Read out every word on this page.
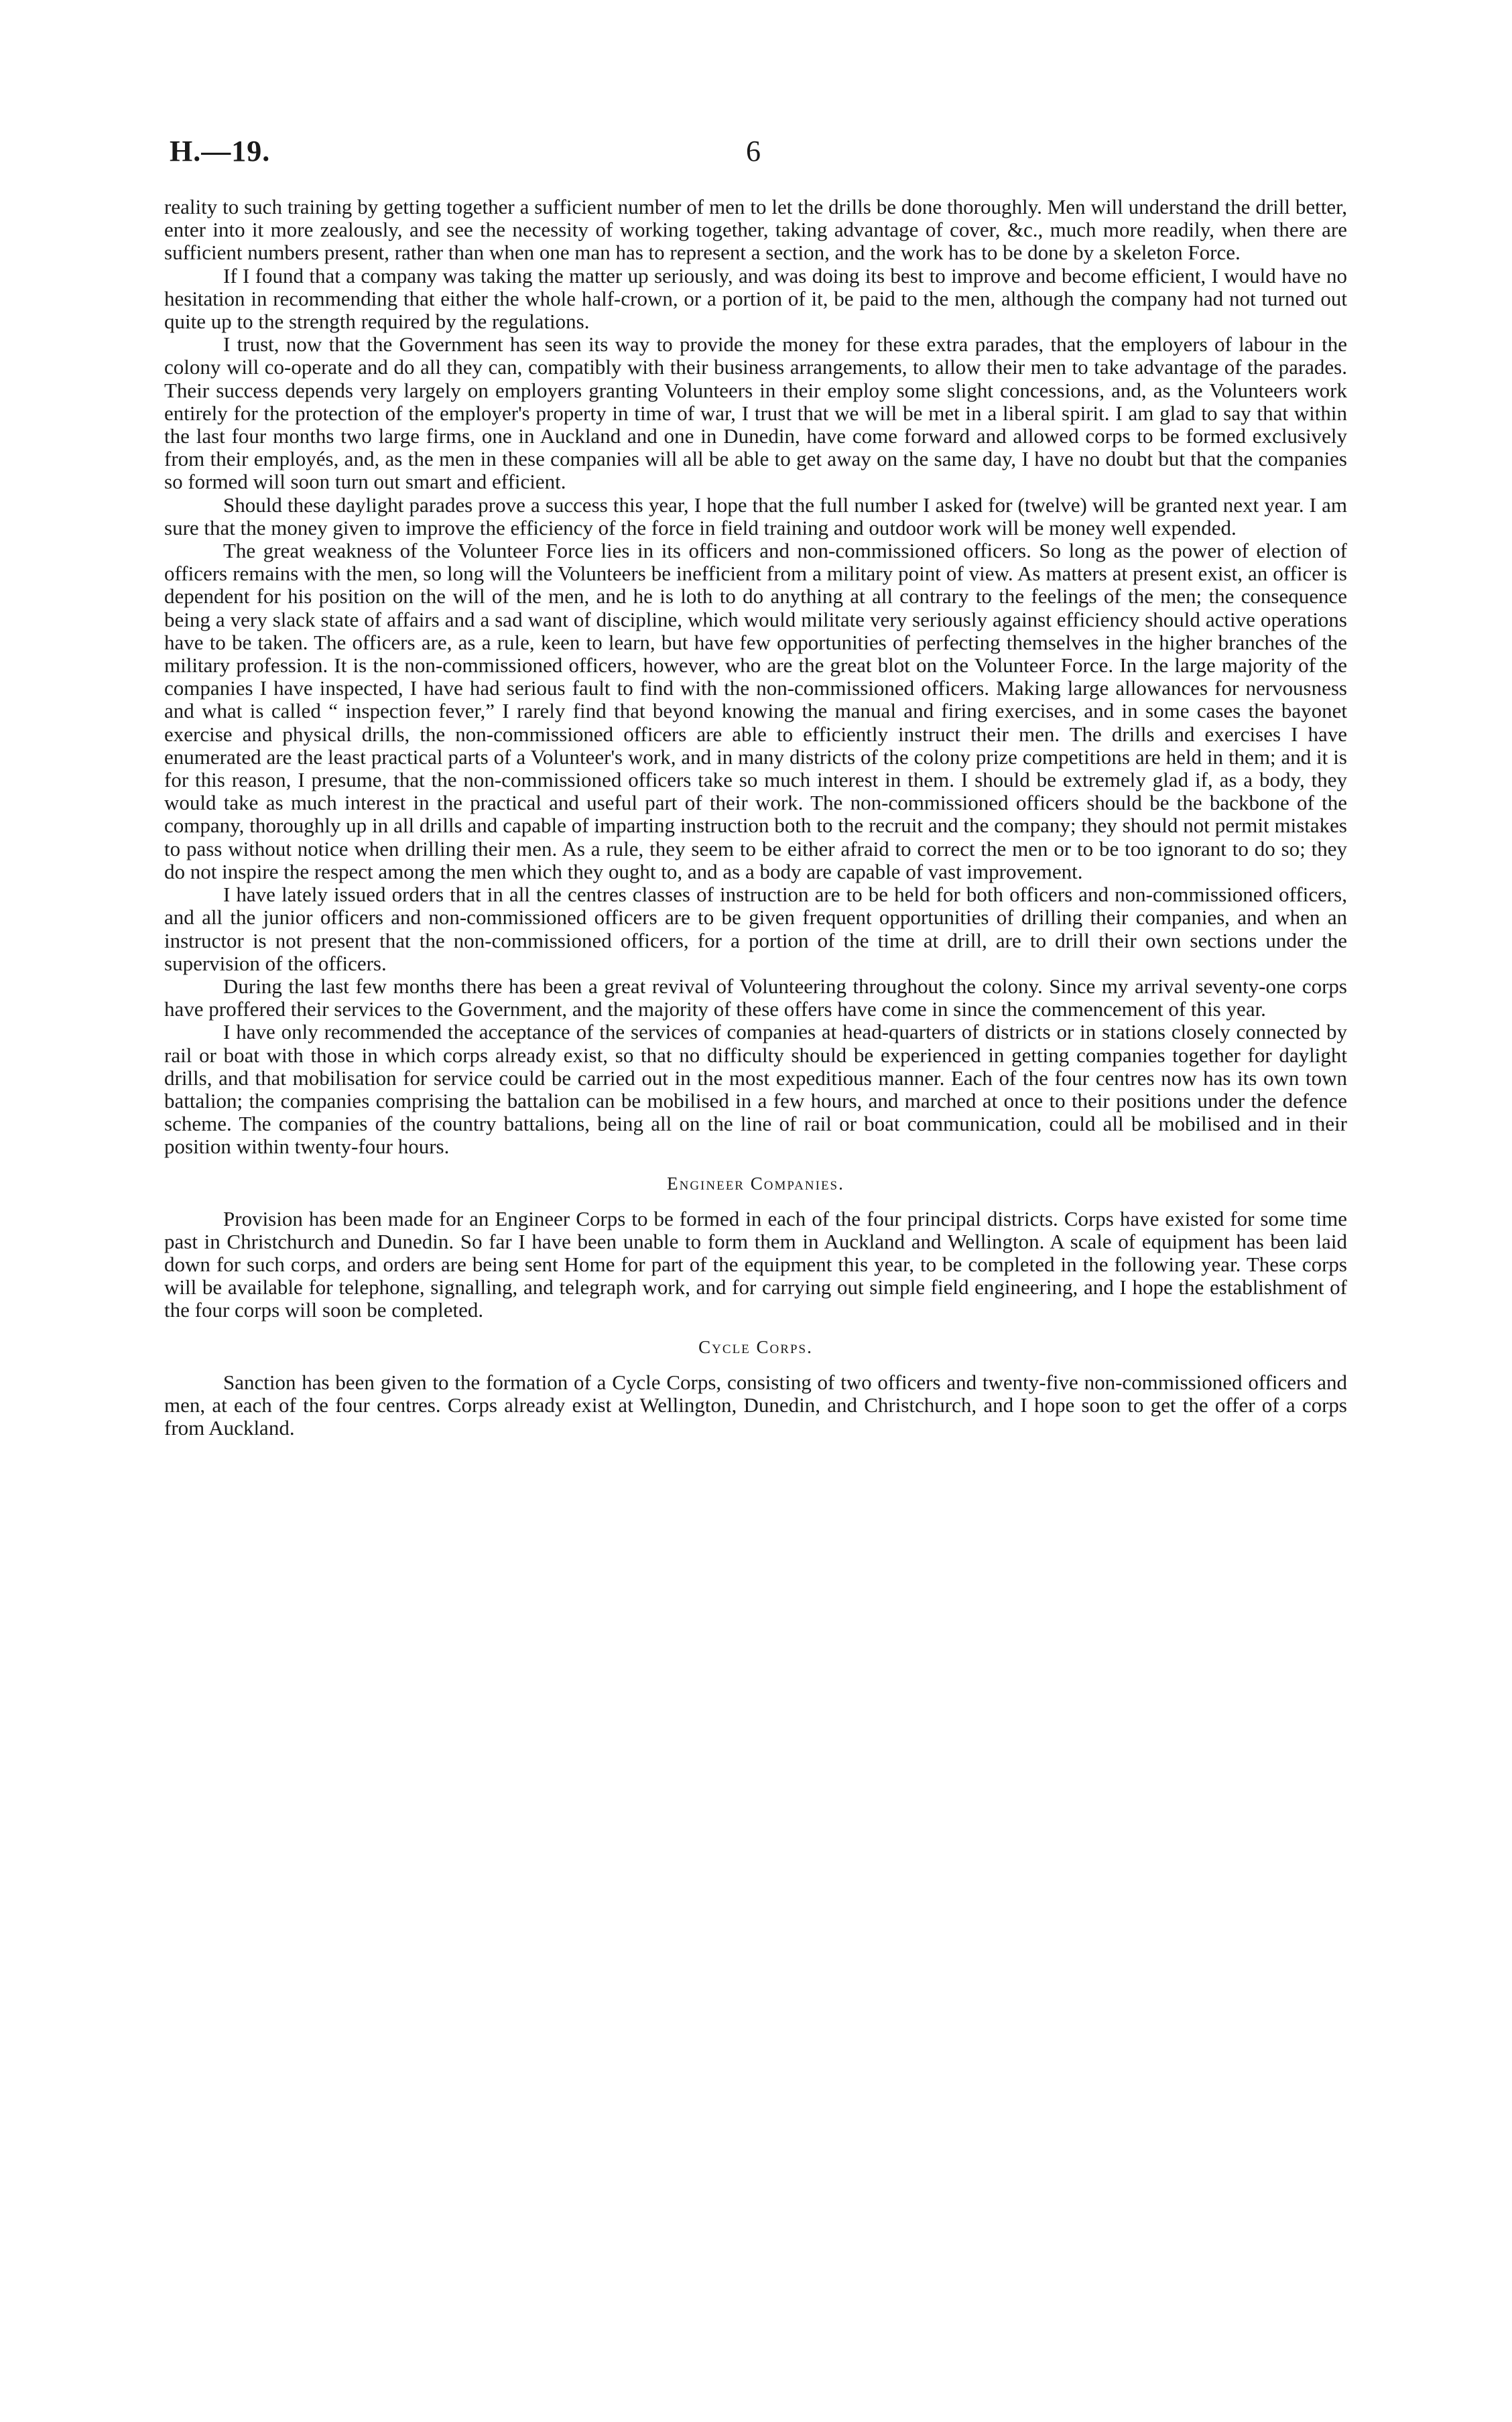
H.—19.	6

reality to such training by getting together a sufficient number of men to let the drills be done thoroughly. Men will understand the drill better, enter into it more zealously, and see the necessity of working together, taking advantage of cover, &c., much more readily, when there are sufficient numbers present, rather than when one man has to represent a section, and the work has to be done by a skeleton Force.

If I found that a company was taking the matter up seriously, and was doing its best to improve and become efficient, I would have no hesitation in recommending that either the whole half-crown, or a portion of it, be paid to the men, although the company had not turned out quite up to the strength required by the regulations.

I trust, now that the Government has seen its way to provide the money for these extra parades, that the employers of labour in the colony will co-operate and do all they can, compatibly with their business arrangements, to allow their men to take advantage of the parades. Their success depends very largely on employers granting Volunteers in their employ some slight concessions, and, as the Volunteers work entirely for the protection of the employer's property in time of war, I trust that we will be met in a liberal spirit. I am glad to say that within the last four months two large firms, one in Auckland and one in Dunedin, have come forward and allowed corps to be formed exclusively from their employés, and, as the men in these companies will all be able to get away on the same day, I have no doubt but that the companies so formed will soon turn out smart and efficient.

Should these daylight parades prove a success this year, I hope that the full number I asked for (twelve) will be granted next year. I am sure that the money given to improve the efficiency of the force in field training and outdoor work will be money well expended.

The great weakness of the Volunteer Force lies in its officers and non-commissioned officers. So long as the power of election of officers remains with the men, so long will the Volunteers be inefficient from a military point of view. As matters at present exist, an officer is dependent for his position on the will of the men, and he is loth to do anything at all contrary to the feelings of the men; the consequence being a very slack state of affairs and a sad want of discipline, which would militate very seriously against efficiency should active operations have to be taken. The officers are, as a rule, keen to learn, but have few opportunities of perfecting themselves in the higher branches of the military profession. It is the non-commissioned officers, however, who are the great blot on the Volunteer Force. In the large majority of the companies I have inspected, I have had serious fault to find with the non-commissioned officers. Making large allowances for nervousness and what is called “ inspection fever,” I rarely find that beyond knowing the manual and firing exercises, and in some cases the bayonet exercise and physical drills, the non-commissioned officers are able to efficiently instruct their men. The drills and exercises I have enumerated are the least practical parts of a Volunteer's work, and in many districts of the colony prize competitions are held in them; and it is for this reason, I presume, that the non-commissioned officers take so much interest in them. I should be extremely glad if, as a body, they would take as much interest in the practical and useful part of their work. The non-commissioned officers should be the backbone of the company, thoroughly up in all drills and capable of imparting instruction both to the recruit and the company; they should not permit mistakes to pass without notice when drilling their men. As a rule, they seem to be either afraid to correct the men or to be too ignorant to do so; they do not inspire the respect among the men which they ought to, and as a body are capable of vast improvement.

I have lately issued orders that in all the centres classes of instruction are to be held for both officers and non-commissioned officers, and all the junior officers and non-commissioned officers are to be given frequent opportunities of drilling their companies, and when an instructor is not present that the non-commissioned officers, for a portion of the time at drill, are to drill their own sections under the supervision of the officers.

During the last few months there has been a great revival of Volunteering throughout the colony. Since my arrival seventy-one corps have proffered their services to the Government, and the majority of these offers have come in since the commencement of this year.

I have only recommended the acceptance of the services of companies at head-quarters of districts or in stations closely connected by rail or boat with those in which corps already exist, so that no difficulty should be experienced in getting companies together for daylight drills, and that mobilisation for service could be carried out in the most expeditious manner. Each of the four centres now has its own town battalion; the companies comprising the battalion can be mobilised in a few hours, and marched at once to their positions under the defence scheme. The companies of the country battalions, being all on the line of rail or boat communication, could all be mobilised and in their position within twenty-four hours.

Engineer Companies.

Provision has been made for an Engineer Corps to be formed in each of the four principal districts. Corps have existed for some time past in Christchurch and Dunedin. So far I have been unable to form them in Auckland and Wellington. A scale of equipment has been laid down for such corps, and orders are being sent Home for part of the equipment this year, to be completed in the following year. These corps will be available for telephone, signalling, and telegraph work, and for carrying out simple field engineering, and I hope the establishment of the four corps will soon be completed.

Cycle Corps.

Sanction has been given to the formation of a Cycle Corps, consisting of two officers and twenty-five non-commissioned officers and men, at each of the four centres. Corps already exist at Wellington, Dunedin, and Christchurch, and I hope soon to get the offer of a corps from Auckland.
